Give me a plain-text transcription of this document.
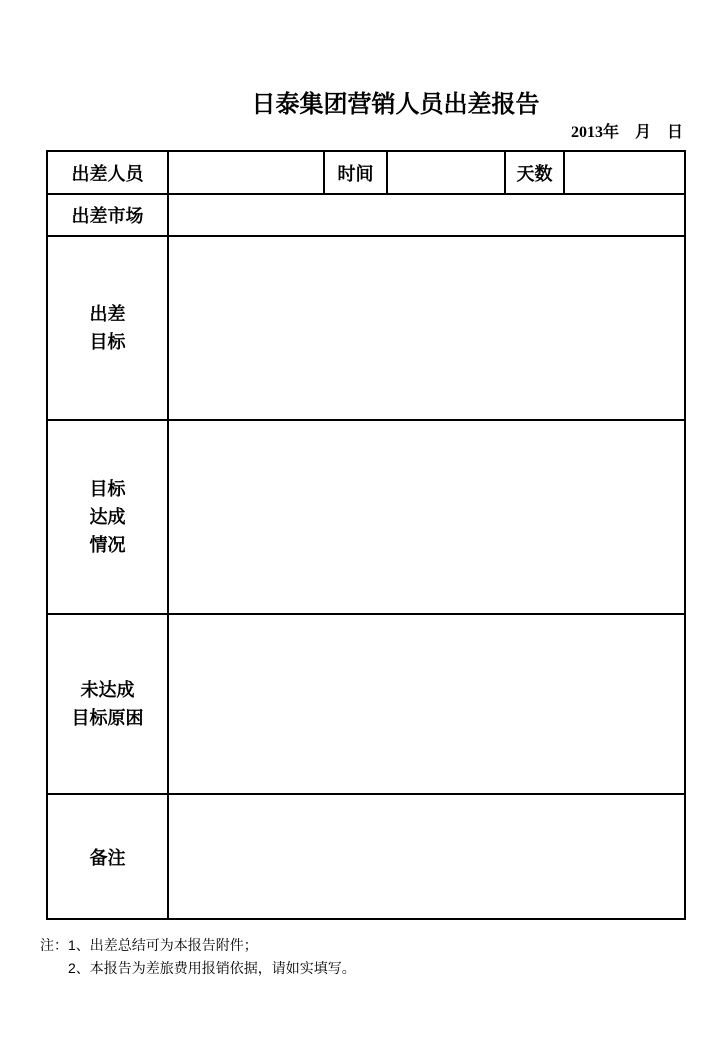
日泰集团营销人员出差报告
2013年　月　日
出差人员		时间		天数	
出差市场					

出差
目标					

目标
达成
情况					

未达成
目标原困					

备注					
注：1、出差总结可为本报告附件；
2、本报告为差旅费用报销依据，请如实填写。
